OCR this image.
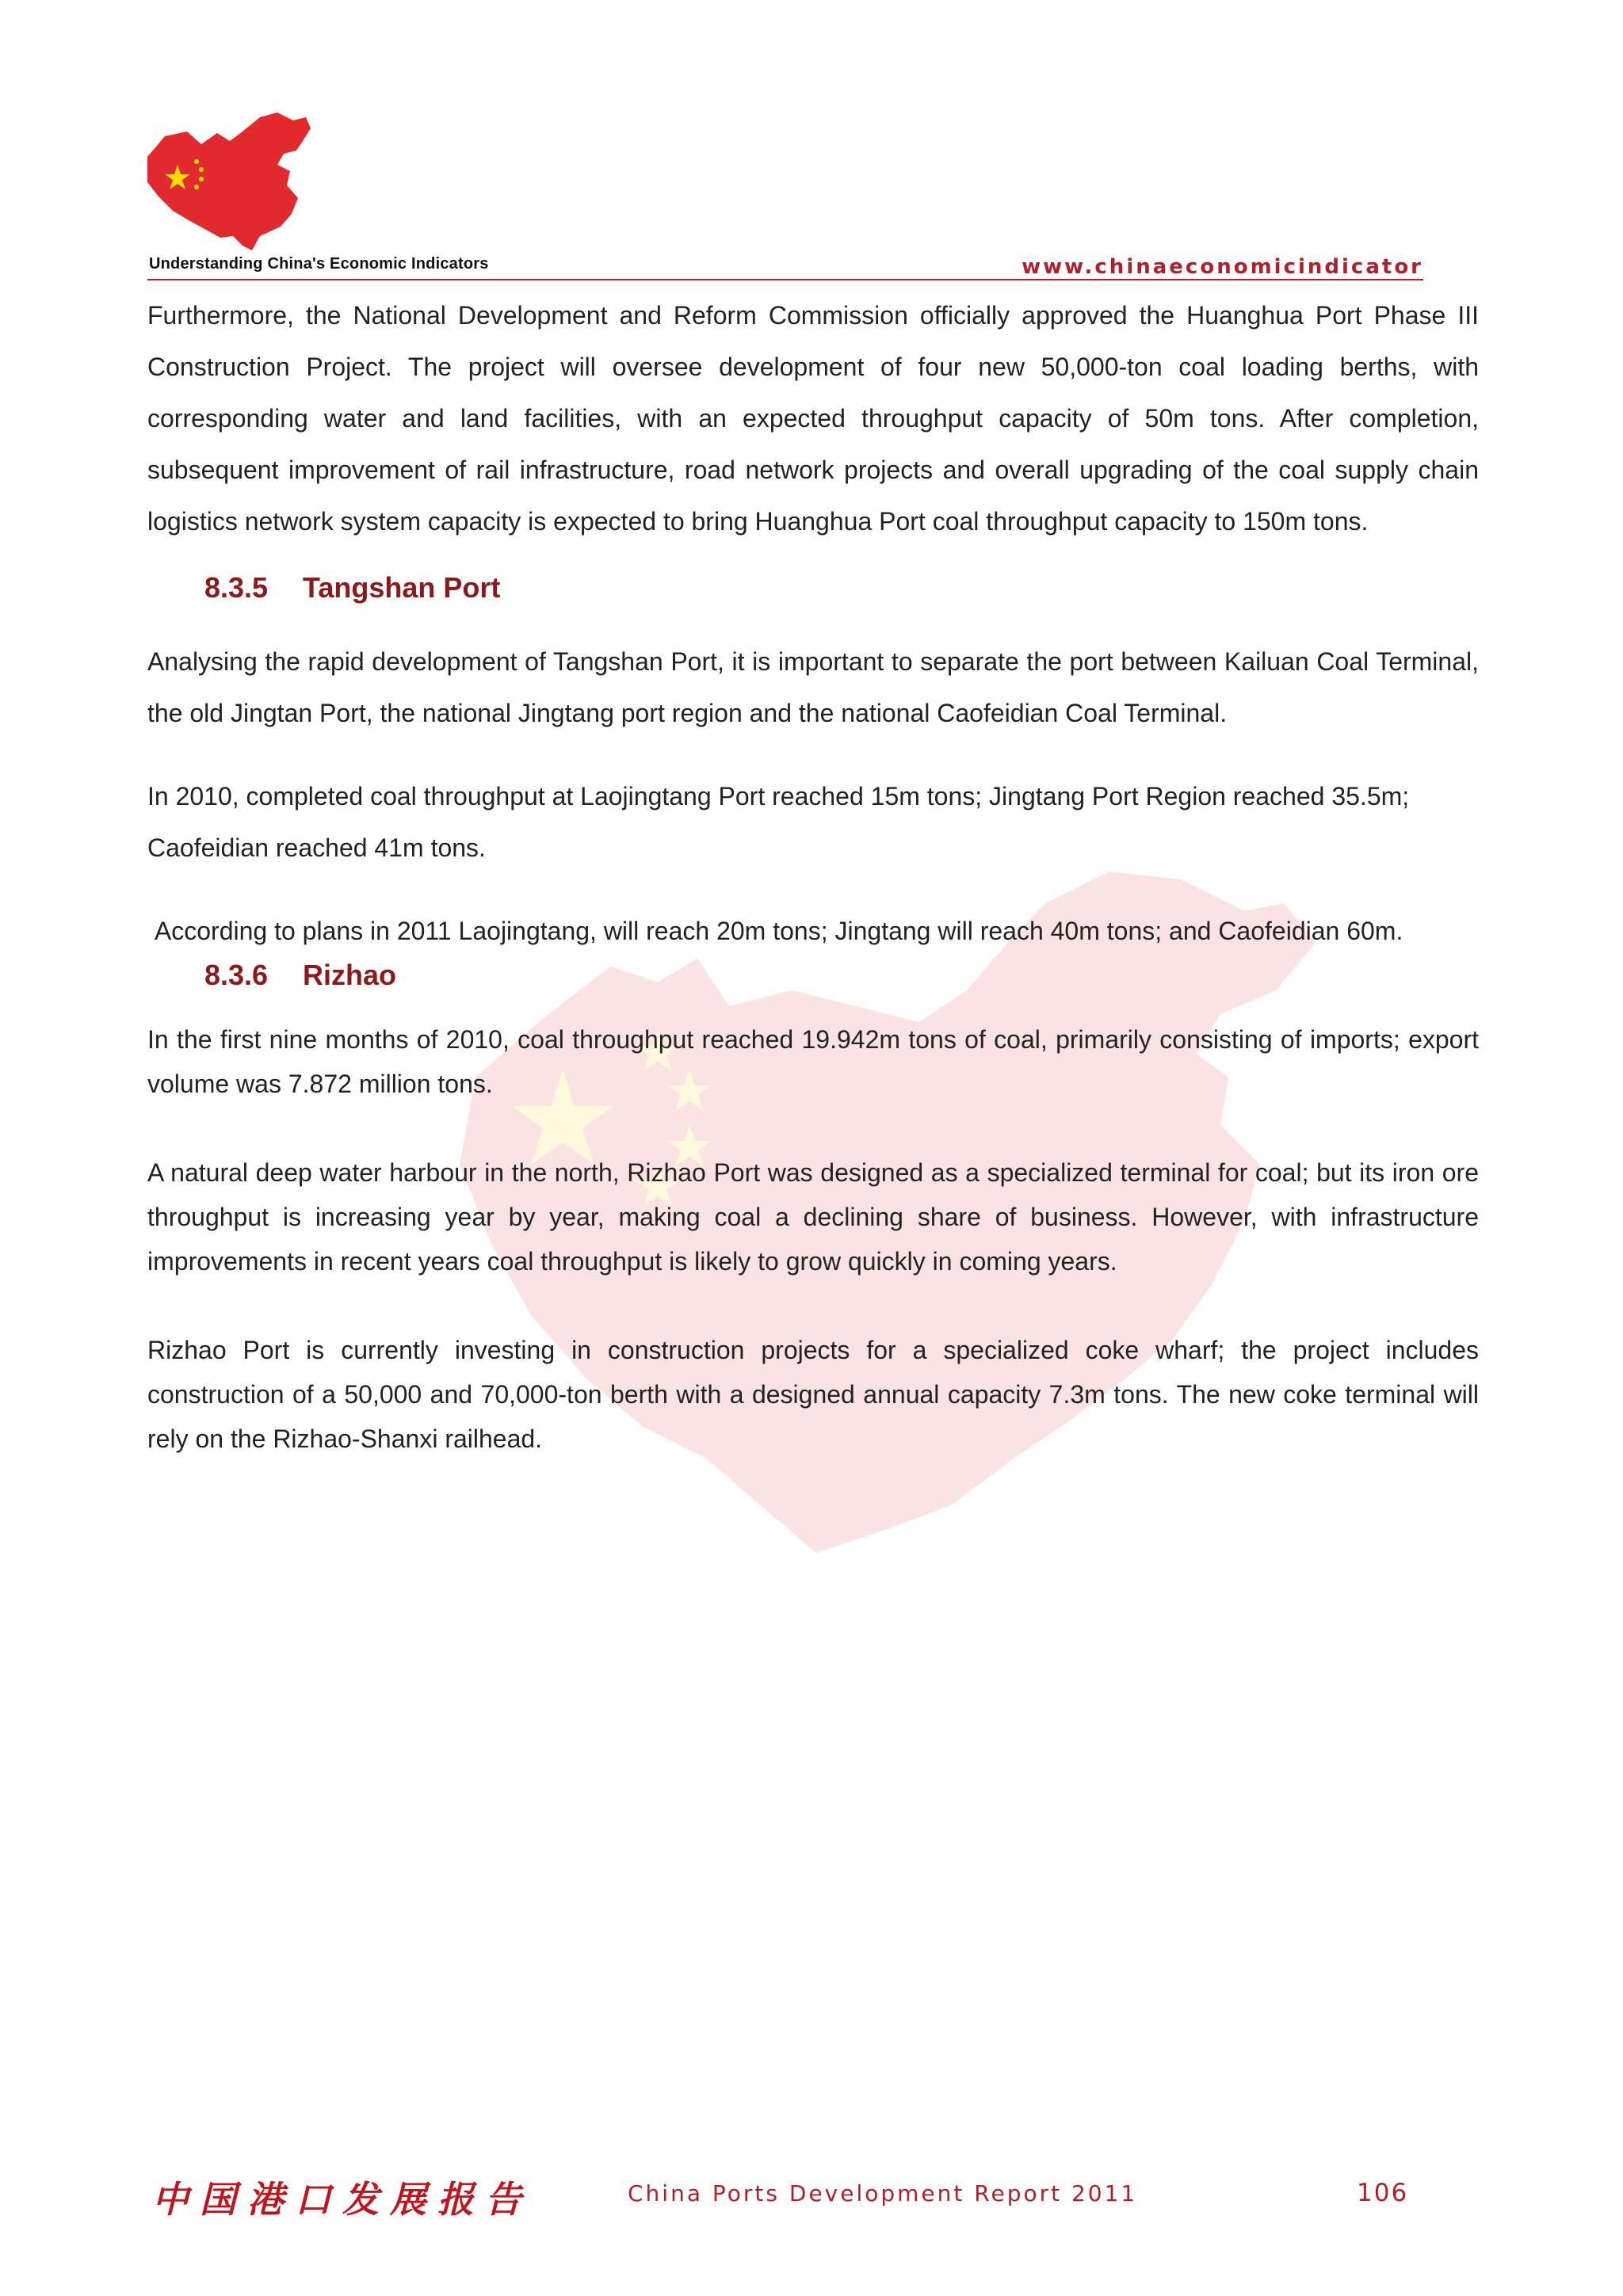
Understanding China's Economic Indicators	www.chinaeconomicindicator

Furthermore, the National Development and Reform Commission officially approved the Huanghua Port Phase III Construction Project. The project will oversee development of four new 50,000-ton coal loading berths, with corresponding water and land facilities, with an expected throughput capacity of 50m tons. After completion, subsequent improvement of rail infrastructure, road network projects and overall upgrading of the coal supply chain logistics network system capacity is expected to bring Huanghua Port coal throughput capacity to 150m tons.

8.3.5 Tangshan Port

Analysing the rapid development of Tangshan Port, it is important to separate the port between Kailuan Coal Terminal, the old Jingtan Port, the national Jingtang port region and the national Caofeidian Coal Terminal.

In 2010, completed coal throughput at Laojingtang Port reached 15m tons; Jingtang Port Region reached 35.5m; Caofeidian reached 41m tons.

According to plans in 2011 Laojingtang, will reach 20m tons; Jingtang will reach 40m tons; and Caofeidian 60m.

8.3.6 Rizhao

In the first nine months of 2010, coal throughput reached 19.942m tons of coal, primarily consisting of imports; export volume was 7.872 million tons.

A natural deep water harbour in the north, Rizhao Port was designed as a specialized terminal for coal; but its iron ore throughput is increasing year by year, making coal a declining share of business. However, with infrastructure improvements in recent years coal throughput is likely to grow quickly in coming years.

Rizhao Port is currently investing in construction projects for a specialized coke wharf; the project includes construction of a 50,000 and 70,000-ton berth with a designed annual capacity 7.3m tons. The new coke terminal will rely on the Rizhao-Shanxi railhead.

中国港口发展报告	China Ports Development Report 2011	106
